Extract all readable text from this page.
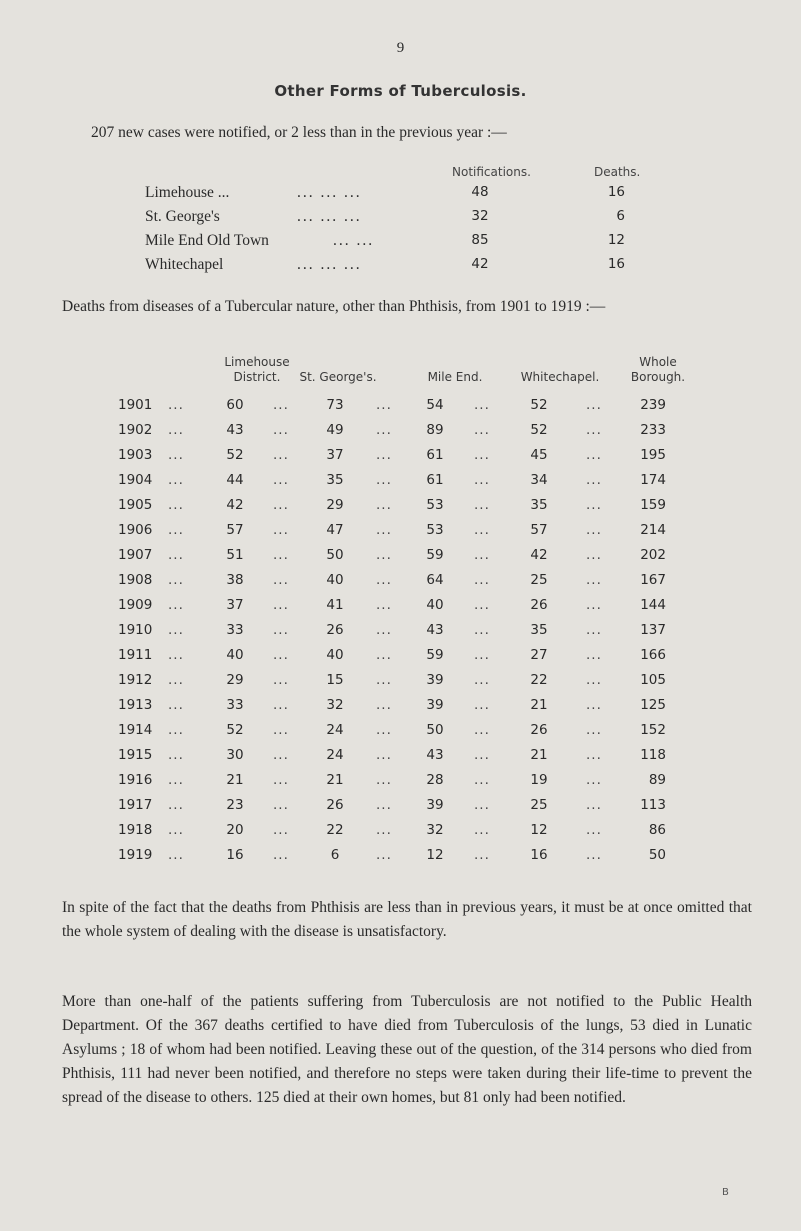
9
Other Forms of Tuberculosis.
207 new cases were notified, or 2 less than in the previous year :—
Notifications.	Deaths.
Limehouse ...	... ... ...	48	16
St. George's	... ... ...	32	6
Mile End Old Town	... ...	85	12
Whitechapel	... ... ...	42	16
Deaths from diseases of a Tubercular nature, other than Phthisis, from 1901 to 1919 :—
Limehouse
District.	St. George's.	Mile End.	Whitechapel.
Whole
Borough.
1901 ...	60	...	73	...	54	...	52	...	239
1902 ...	43	...	49	...	89	...	52	...	233
1903 ...	52	...	37	...	61	...	45	...	195
1904 ...	44	...	35	...	61	...	34	...	174
1905 ...	42	...	29	...	53	...	35	...	159
1906 ...	57	...	47	...	53	...	57	...	214
1907 ...	51	...	50	...	59	...	42	...	202
1908 ...	38	...	40	...	64	...	25	...	167
1909 ...	37	...	41	...	40	...	26	...	144
1910 ...	33	...	26	...	43	...	35	...	137
1911 ...	40	...	40	...	59	...	27	...	166
1912 ...	29	...	15	...	39	...	22	...	105
1913 ...	33	...	32	...	39	...	21	...	125
1914 ...	52	...	24	...	50	...	26	...	152
1915 ...	30	...	24	...	43	...	21	...	118
1916 ...	21	...	21	...	28	...	19	...	89
1917 ...	23	...	26	...	39	...	25	...	113
1918 ...	20	...	22	...	32	...	12	...	86
1919 ...	16	...	6	...	12	...	16	...	50
In spite of the fact that the deaths from Phthisis are less than in previous years, it must be at once omitted that the whole system of dealing with the disease is unsatisfactory.
More than one-half of the patients suffering from Tuberculosis are not notified to the Public Health Department. Of the 367 deaths certified to have died from Tuberculosis of the lungs, 53 died in Lunatic Asylums ; 18 of whom had been notified. Leaving these out of the question, of the 314 persons who died from Phthisis, 111 had never been notified, and therefore no steps were taken during their life-time to prevent the spread of the disease to others. 125 died at their own homes, but 81 only had been notified.
B
